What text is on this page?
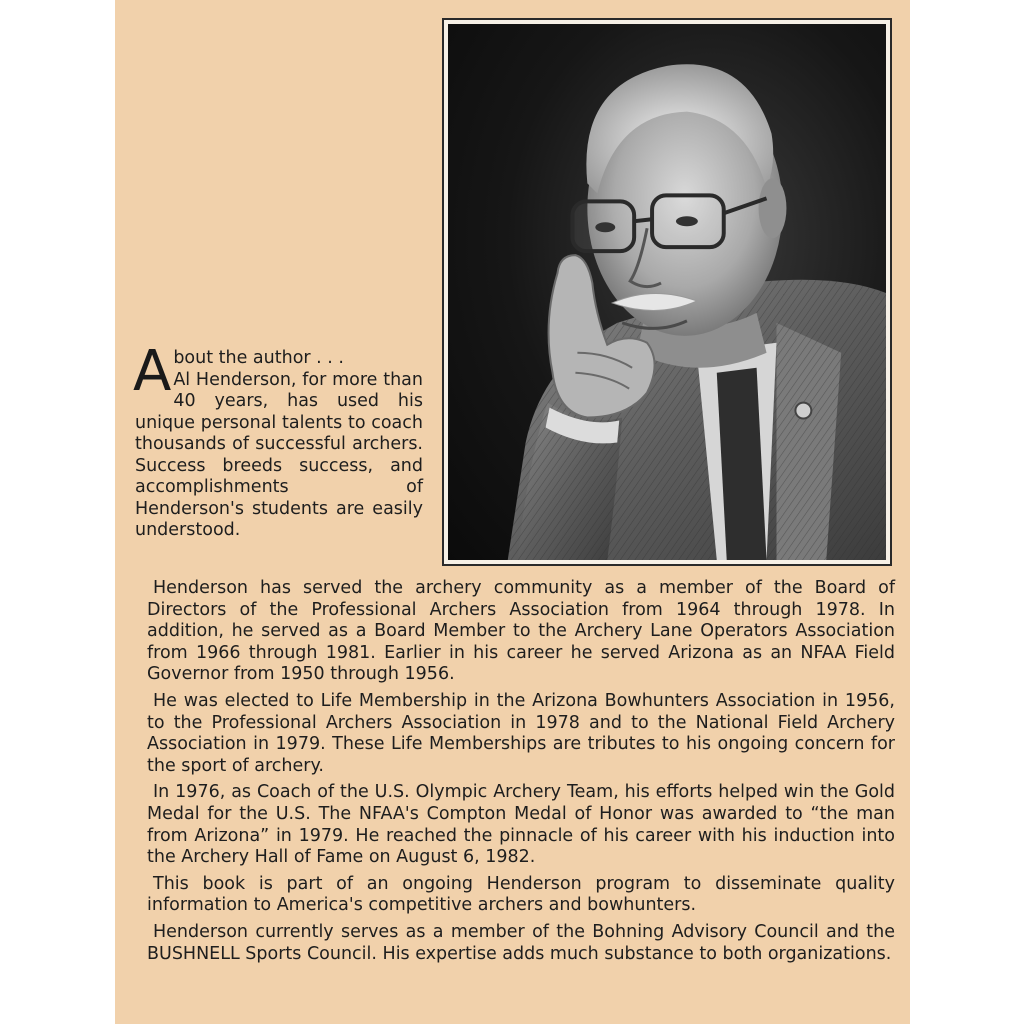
A bout the author . . .
Al Henderson, for more than 40 years, has used his unique personal talents to coach thousands of successful archers. Success breeds success, and accomplishments of Henderson's students are easily understood.

Henderson has served the archery community as a member of the Board of Directors of the Professional Archers Association from 1964 through 1978. In addition, he served as a Board Member to the Archery Lane Operators Association from 1966 through 1981. Earlier in his career he served Arizona as an NFAA Field Governor from 1950 through 1956.

He was elected to Life Membership in the Arizona Bowhunters Association in 1956, to the Professional Archers Association in 1978 and to the National Field Archery Association in 1979. These Life Memberships are tributes to his ongoing concern for the sport of archery.

In 1976, as Coach of the U.S. Olympic Archery Team, his efforts helped win the Gold Medal for the U.S. The NFAA's Compton Medal of Honor was awarded to “the man from Arizona” in 1979. He reached the pinnacle of his career with his induction into the Archery Hall of Fame on August 6, 1982.

This book is part of an ongoing Henderson program to disseminate quality information to America's competitive archers and bowhunters.

Henderson currently serves as a member of the Bohning Advisory Council and the BUSHNELL Sports Council. His expertise adds much substance to both organizations.
